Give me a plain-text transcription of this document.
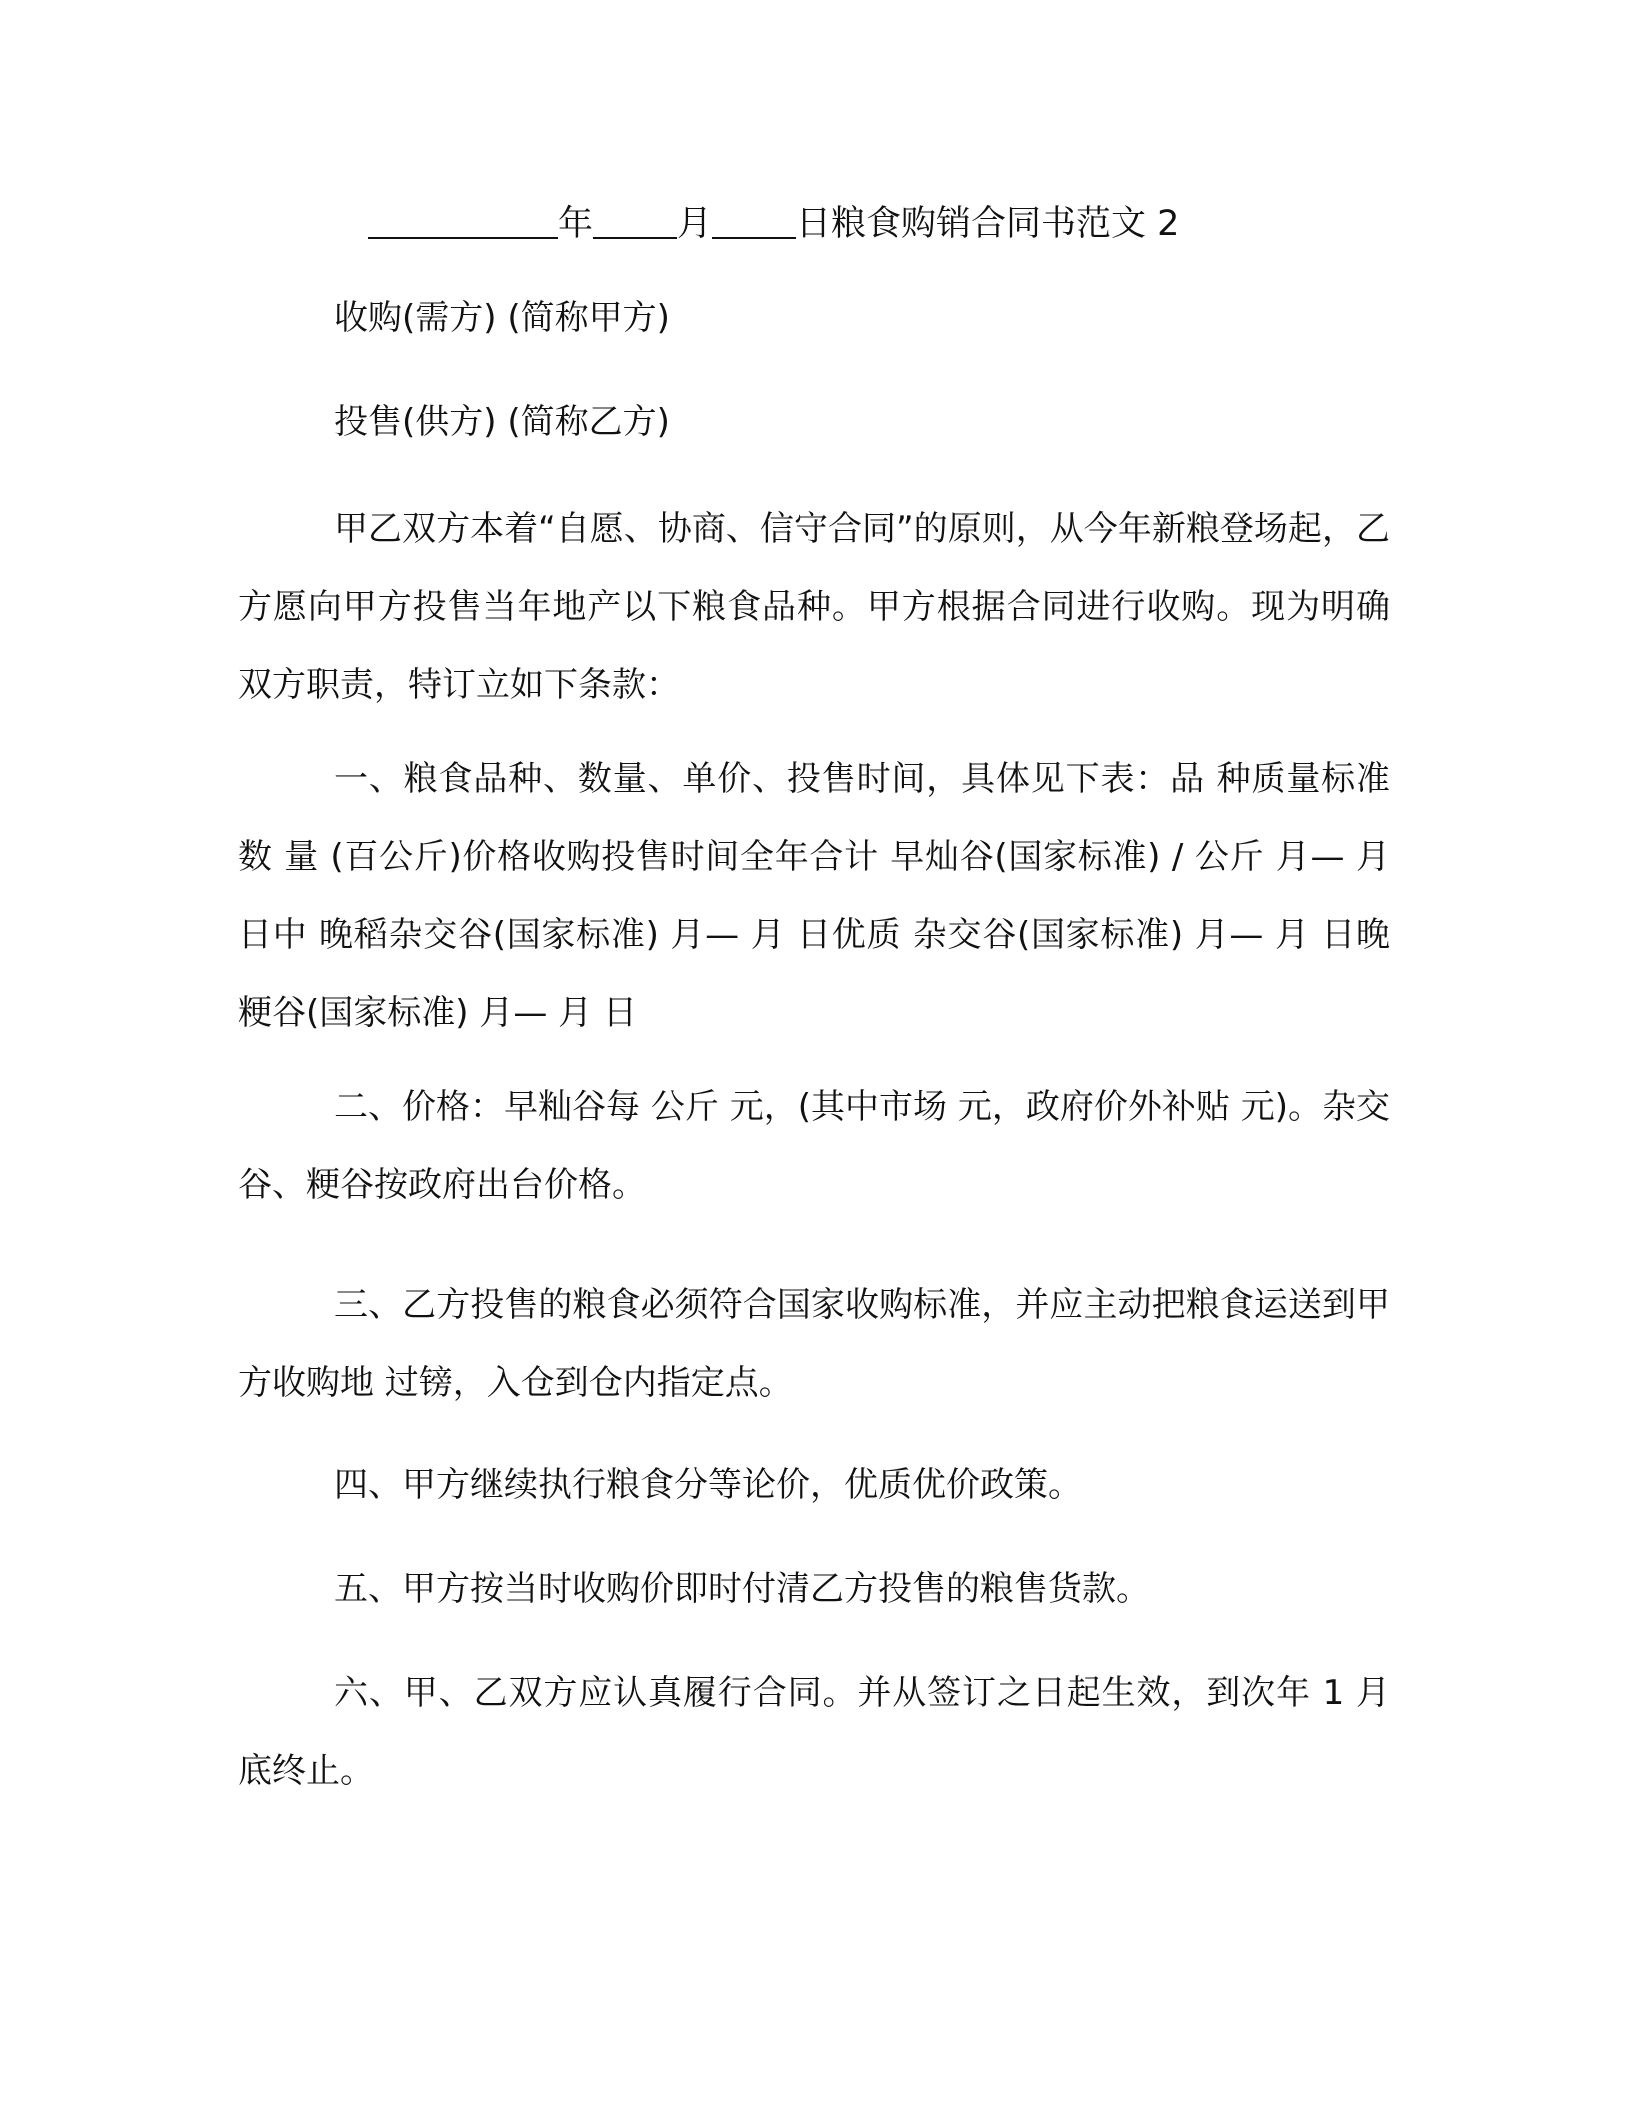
年 月 日粮食购销合同书范文 2
收购(需方) (简称甲方)
投售(供方) (简称乙方)
甲乙双方本着“自愿、协商、信守合同”的原则，从今年新粮登场起，乙方愿向甲方投售当年地产以下粮食品种。甲方根据合同进行收购。现为明确双方职责，特订立如下条款：
一、粮食品种、数量、单价、投售时间，具体见下表：品 种质量标准数 量 (百公斤)价格收购投售时间全年合计 早灿谷(国家标准) / 公斤 月— 月 日中 晚稻杂交谷(国家标准) 月— 月 日优质 杂交谷(国家标准) 月— 月 日晚粳谷(国家标准) 月— 月 日
二、价格：早籼谷每 公斤 元，(其中市场 元，政府价外补贴 元)。杂交谷、粳谷按政府出台价格。
三、乙方投售的粮食必须符合国家收购标准，并应主动把粮食运送到甲方收购地 过镑，入仓到仓内指定点。
四、甲方继续执行粮食分等论价，优质优价政策。
五、甲方按当时收购价即时付清乙方投售的粮售货款。
六、甲、乙双方应认真履行合同。并从签订之日起生效，到次年 1 月底终止。
